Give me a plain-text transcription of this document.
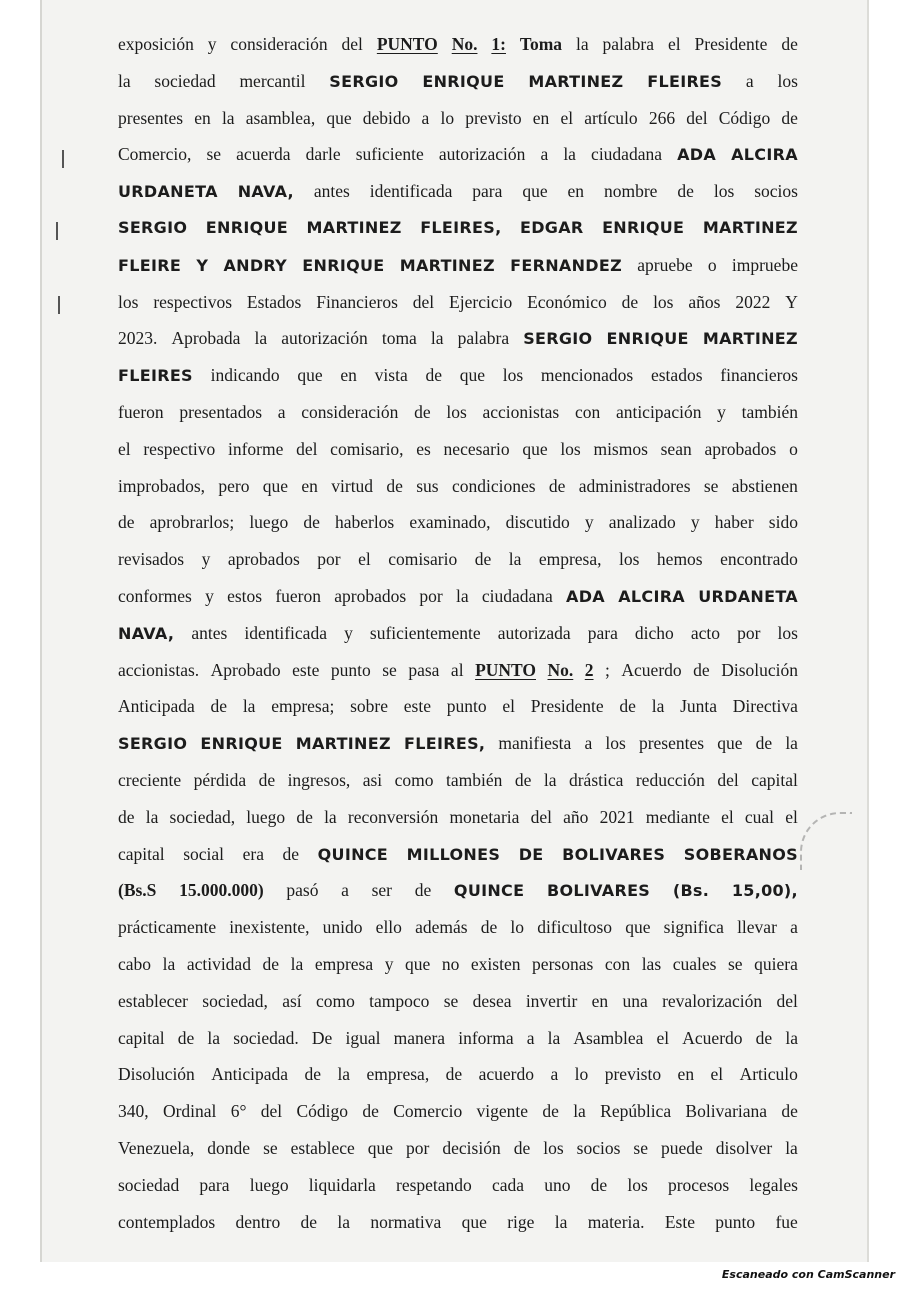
exposición y consideración del PUNTO No. 1: Toma la palabra el Presidente de
la sociedad mercantil SERGIO ENRIQUE MARTINEZ FLEIRES a los
presentes en la asamblea, que debido a lo previsto en el artículo 266 del Código de
Comercio, se acuerda darle suficiente autorización a la ciudadana ADA ALCIRA
URDANETA NAVA, antes identificada para que en nombre de los socios
SERGIO ENRIQUE MARTINEZ FLEIRES, EDGAR ENRIQUE MARTINEZ
FLEIRE Y ANDRY ENRIQUE MARTINEZ FERNANDEZ apruebe o impruebe
los respectivos Estados Financieros del Ejercicio Económico de los años 2022 Y
2023. Aprobada la autorización toma la palabra SERGIO ENRIQUE MARTINEZ
FLEIRES indicando que en vista de que los mencionados estados financieros
fueron presentados a consideración de los accionistas con anticipación y también
el respectivo informe del comisario, es necesario que los mismos sean aprobados o
improbados, pero que en virtud de sus condiciones de administradores se abstienen
de aprobrarlos; luego de haberlos examinado, discutido y analizado y haber sido
revisados y aprobados por el comisario de la empresa, los hemos encontrado
conformes y estos fueron aprobados por la ciudadana ADA ALCIRA URDANETA
NAVA, antes identificada y suficientemente autorizada para dicho acto por los
accionistas. Aprobado este punto se pasa al PUNTO No. 2 ; Acuerdo de Disolución
Anticipada de la empresa; sobre este punto el Presidente de la Junta Directiva
SERGIO ENRIQUE MARTINEZ FLEIRES, manifiesta a los presentes que de la
creciente pérdida de ingresos, asi como también de la drástica reducción del capital
de la sociedad, luego de la reconversión monetaria del año 2021 mediante el cual el
capital social era de QUINCE MILLONES DE BOLIVARES SOBERANOS
(Bs.S 15.000.000) pasó a ser de QUINCE BOLIVARES (Bs. 15,00),
prácticamente inexistente, unido ello además de lo dificultoso que significa llevar a
cabo la actividad de la empresa y que no existen personas con las cuales se quiera
establecer sociedad, así como tampoco se desea invertir en una revalorización del
capital de la sociedad. De igual manera informa a la Asamblea el Acuerdo de la
Disolución Anticipada de la empresa, de acuerdo a lo previsto en el Articulo
340, Ordinal 6° del Código de Comercio vigente de la República Bolivariana de
Venezuela, donde se establece que por decisión de los socios se puede disolver la
sociedad para luego liquidarla respetando cada uno de los procesos legales
contemplados dentro de la normativa que rige la materia. Este punto fue
Escaneado con CamScanner
